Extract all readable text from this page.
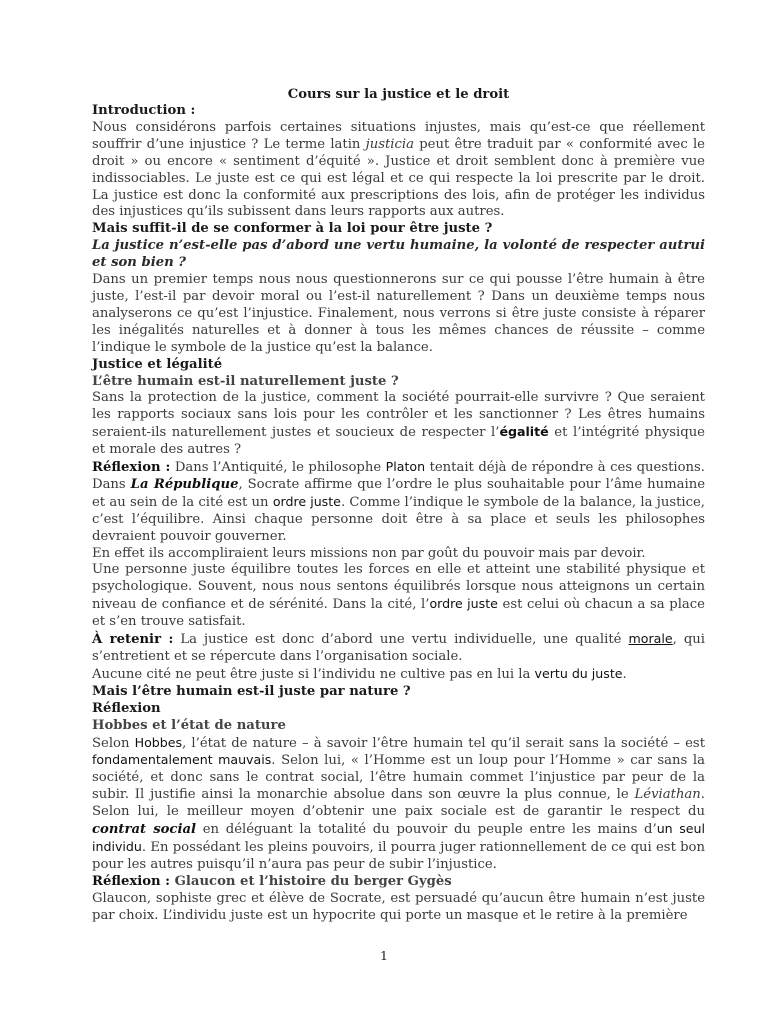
Cours sur la justice et le droit
Introduction :

Nous considérons parfois certaines situations injustes, mais qu’est-ce que réellement souffrir d’une injustice ? Le terme latin justicia peut être traduit par « conformité avec le droit » ou encore « sentiment d’équité ». Justice et droit semblent donc à première vue indissociables. Le juste est ce qui est légal et ce qui respecte la loi prescrite par le droit. La justice est donc la conformité aux prescriptions des lois, afin de protéger les individus des injustices qu’ils subissent dans leurs rapports aux autres.

Mais suffit-il de se conformer à la loi pour être juste ?

La justice n’est-elle pas d’abord une vertu humaine, la volonté de respecter autrui et son bien ?

Dans un premier temps nous nous questionnerons sur ce qui pousse l’être humain à être juste, l’est-il par devoir moral ou l’est-il naturellement ? Dans un deuxième temps nous analyserons ce qu’est l’injustice. Finalement, nous verrons si être juste consiste à réparer les inégalités naturelles et à donner à tous les mêmes chances de réussite – comme l’indique le symbole de la justice qu’est la balance.

Justice et légalité
L’être humain est-il naturellement juste ?

Sans la protection de la justice, comment la société pourrait-elle survivre ? Que seraient les rapports sociaux sans lois pour les contrôler et les sanctionner ? Les êtres humains seraient-ils naturellement justes et soucieux de respecter l’égalité et l’intégrité physique et morale des autres ?

Réflexion : Dans l’Antiquité, le philosophe Platon tentait déjà de répondre à ces questions. Dans La République, Socrate affirme que l’ordre le plus souhaitable pour l’âme humaine et au sein de la cité est un ordre juste. Comme l’indique le symbole de la balance, la justice, c’est l’équilibre. Ainsi chaque personne doit être à sa place et seuls les philosophes devraient pouvoir gouverner.

En effet ils accompliraient leurs missions non par goût du pouvoir mais par devoir.

Une personne juste équilibre toutes les forces en elle et atteint une stabilité physique et psychologique. Souvent, nous nous sentons équilibrés lorsque nous atteignons un certain niveau de confiance et de sérénité. Dans la cité, l’ordre juste est celui où chacun a sa place et s’en trouve satisfait.

À retenir : La justice est donc d’abord une vertu individuelle, une qualité morale, qui s’entretient et se répercute dans l’organisation sociale.

Aucune cité ne peut être juste si l’individu ne cultive pas en lui la vertu du juste.

Mais l’être humain est-il juste par nature ?
Réflexion
Hobbes et l’état de nature

Selon Hobbes, l’état de nature – à savoir l’être humain tel qu’il serait sans la société – est fondamentalement mauvais. Selon lui, « l’Homme est un loup pour l’Homme » car sans la société, et donc sans le contrat social, l’être humain commet l’injustice par peur de la subir. Il justifie ainsi la monarchie absolue dans son œuvre la plus connue, le Léviathan. Selon lui, le meilleur moyen d’obtenir une paix sociale est de garantir le respect du contrat social en déléguant la totalité du pouvoir du peuple entre les mains d’un seul individu. En possédant les pleins pouvoirs, il pourra juger rationnellement de ce qui est bon pour les autres puisqu’il n’aura pas peur de subir l’injustice.

Réflexion : Glaucon et l’histoire du berger Gygès

Glaucon, sophiste grec et élève de Socrate, est persuadé qu’aucun être humain n’est juste par choix. L’individu juste est un hypocrite qui porte un masque et le retire à la première

1
